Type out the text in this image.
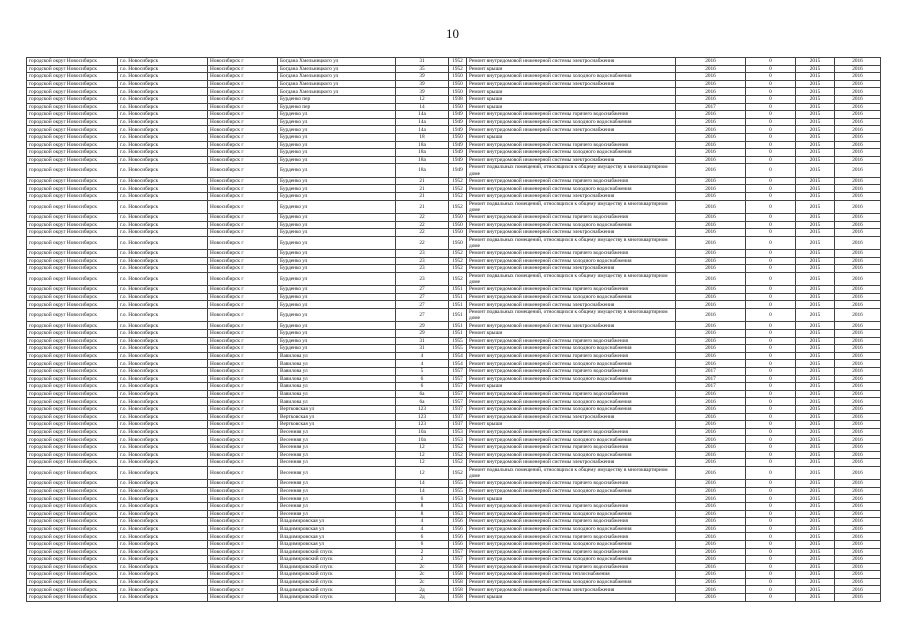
10
городской округ Новосибирск	г.о. Новосибирск	Новосибирск г	Богдана Хмельницкого ул	31	1952	Ремонт внутридомовой инженерной системы электроснабжения	2016	0	2015	2016
городской округ Новосибирск	г.о. Новосибирск	Новосибирск г	Богдана Хмельницкого ул	35	1952	Ремонт крыши	2016	0	2015	2016
городской округ Новосибирск	г.о. Новосибирск	Новосибирск г	Богдана Хмельницкого ул	39	1950	Ремонт внутридомовой инженерной системы холодного водоснабжения	2016	0	2015	2016
городской округ Новосибирск	г.о. Новосибирск	Новосибирск г	Богдана Хмельницкого ул	39	1950	Ремонт внутридомовой инженерной системы электроснабжения	2016	0	2015	2016
городской округ Новосибирск	г.о. Новосибирск	Новосибирск г	Богдана Хмельницкого ул	39	1950	Ремонт крыши	2016	0	2015	2016
городской округ Новосибирск	г.о. Новосибирск	Новосибирск г	Бурденко пер	12	1938	Ремонт крыши	2016	0	2015	2016
городской округ Новосибирск	г.о. Новосибирск	Новосибирск г	Бурденко пер	14	1950	Ремонт крыши	2017	0	2015	2016
городской округ Новосибирск	г.о. Новосибирск	Новосибирск г	Бурденко ул	14а	1949	Ремонт внутридомовой инженерной системы горячего водоснабжения	2016	0	2015	2016
городской округ Новосибирск	г.о. Новосибирск	Новосибирск г	Бурденко ул	14а	1949	Ремонт внутридомовой инженерной системы холодного водоснабжения	2016	0	2015	2016
городской округ Новосибирск	г.о. Новосибирск	Новосибирск г	Бурденко ул	14а	1949	Ремонт внутридомовой инженерной системы электроснабжения	2016	0	2015	2016
городской округ Новосибирск	г.о. Новосибирск	Новосибирск г	Бурденко ул	18	1950	Ремонт крыши	2016	0	2015	2016
городской округ Новосибирск	г.о. Новосибирск	Новосибирск г	Бурденко ул	18а	1949	Ремонт внутридомовой инженерной системы горячего водоснабжения	2016	0	2015	2016
городской округ Новосибирск	г.о. Новосибирск	Новосибирск г	Бурденко ул	18а	1949	Ремонт внутридомовой инженерной системы холодного водоснабжения	2016	0	2015	2016
городской округ Новосибирск	г.о. Новосибирск	Новосибирск г	Бурденко ул	18а	1949	Ремонт внутридомовой инженерной системы электроснабжения	2016	0	2015	2016
городской округ Новосибирск	г.о. Новосибирск	Новосибирск г	Бурденко ул	18а	1949	Ремонт подвальных помещений, относящихся к общему имуществу в многоквартирном доме	2016	0	2015	2016
городской округ Новосибирск	г.о. Новосибирск	Новосибирск г	Бурденко ул	21	1952	Ремонт внутридомовой инженерной системы горячего водоснабжения	2016	0	2015	2016
городской округ Новосибирск	г.о. Новосибирск	Новосибирск г	Бурденко ул	21	1952	Ремонт внутридомовой инженерной системы холодного водоснабжения	2016	0	2015	2016
городской округ Новосибирск	г.о. Новосибирск	Новосибирск г	Бурденко ул	21	1952	Ремонт внутридомовой инженерной системы электроснабжения	2016	0	2015	2016
городской округ Новосибирск	г.о. Новосибирск	Новосибирск г	Бурденко ул	21	1952	Ремонт подвальных помещений, относящихся к общему имуществу в многоквартирном доме	2016	0	2015	2016
городской округ Новосибирск	г.о. Новосибирск	Новосибирск г	Бурденко ул	22	1950	Ремонт внутридомовой инженерной системы горячего водоснабжения	2016	0	2015	2016
городской округ Новосибирск	г.о. Новосибирск	Новосибирск г	Бурденко ул	22	1950	Ремонт внутридомовой инженерной системы холодного водоснабжения	2016	0	2015	2016
городской округ Новосибирск	г.о. Новосибирск	Новосибирск г	Бурденко ул	22	1950	Ремонт внутридомовой инженерной системы электроснабжения	2016	0	2015	2016
городской округ Новосибирск	г.о. Новосибирск	Новосибирск г	Бурденко ул	22	1950	Ремонт подвальных помещений, относящихся к общему имуществу в многоквартирном доме	2016	0	2015	2016
городской округ Новосибирск	г.о. Новосибирск	Новосибирск г	Бурденко ул	23	1952	Ремонт внутридомовой инженерной системы горячего водоснабжения	2016	0	2015	2016
городской округ Новосибирск	г.о. Новосибирск	Новосибирск г	Бурденко ул	23	1952	Ремонт внутридомовой инженерной системы холодного водоснабжения	2016	0	2015	2016
городской округ Новосибирск	г.о. Новосибирск	Новосибирск г	Бурденко ул	23	1952	Ремонт внутридомовой инженерной системы электроснабжения	2016	0	2015	2016
городской округ Новосибирск	г.о. Новосибирск	Новосибирск г	Бурденко ул	23	1952	Ремонт подвальных помещений, относящихся к общему имуществу в многоквартирном доме	2016	0	2015	2016
городской округ Новосибирск	г.о. Новосибирск	Новосибирск г	Бурденко ул	27	1951	Ремонт внутридомовой инженерной системы горячего водоснабжения	2016	0	2015	2016
городской округ Новосибирск	г.о. Новосибирск	Новосибирск г	Бурденко ул	27	1951	Ремонт внутридомовой инженерной системы холодного водоснабжения	2016	0	2015	2016
городской округ Новосибирск	г.о. Новосибирск	Новосибирск г	Бурденко ул	27	1951	Ремонт внутридомовой инженерной системы электроснабжения	2016	0	2015	2016
городской округ Новосибирск	г.о. Новосибирск	Новосибирск г	Бурденко ул	27	1951	Ремонт подвальных помещений, относящихся к общему имуществу в многоквартирном доме	2016	0	2015	2016
городской округ Новосибирск	г.о. Новосибирск	Новосибирск г	Бурденко ул	29	1951	Ремонт внутридомовой инженерной системы электроснабжения	2016	0	2015	2016
городской округ Новосибирск	г.о. Новосибирск	Новосибирск г	Бурденко ул	29	1951	Ремонт крыши	2016	0	2015	2016
городской округ Новосибирск	г.о. Новосибирск	Новосибирск г	Бурденко ул	31	1955	Ремонт внутридомовой инженерной системы горячего водоснабжения	2016	0	2015	2016
городской округ Новосибирск	г.о. Новосибирск	Новосибирск г	Бурденко ул	31	1955	Ремонт внутридомовой инженерной системы холодного водоснабжения	2016	0	2015	2016
городской округ Новосибирск	г.о. Новосибирск	Новосибирск г	Вавилова ул	4	1954	Ремонт внутридомовой инженерной системы горячего водоснабжения	2016	0	2015	2016
городской округ Новосибирск	г.о. Новосибирск	Новосибирск г	Вавилова ул	4	1954	Ремонт внутридомовой инженерной системы холодного водоснабжения	2016	0	2015	2016
городской округ Новосибирск	г.о. Новосибирск	Новосибирск г	Вавилова ул	5	1957	Ремонт внутридомовой инженерной системы горячего водоснабжения	2017	0	2015	2016
городской округ Новосибирск	г.о. Новосибирск	Новосибирск г	Вавилова ул	6	1957	Ремонт внутридомовой инженерной системы холодного водоснабжения	2017	0	2015	2016
городской округ Новосибирск	г.о. Новосибирск	Новосибирск г	Вавилова ул	6	1957	Ремонт крыши	2017	0	2015	2016
городской округ Новосибирск	г.о. Новосибирск	Новосибирск г	Вавилова ул	6а	1957	Ремонт внутридомовой инженерной системы горячего водоснабжения	2016	0	2015	2016
городской округ Новосибирск	г.о. Новосибирск	Новосибирск г	Вавилова ул	6а	1957	Ремонт внутридомовой инженерной системы холодного водоснабжения	2016	0	2015	2016
городской округ Новосибирск	г.о. Новосибирск	Новосибирск г	Вертковская ул	123	1937	Ремонт внутридомовой инженерной системы холодного водоснабжения	2016	0	2015	2016
городской округ Новосибирск	г.о. Новосибирск	Новосибирск г	Вертковская ул	123	1937	Ремонт внутридомовой инженерной системы электроснабжения	2016	0	2015	2016
городской округ Новосибирск	г.о. Новосибирск	Новосибирск г	Вертковская ул	123	1937	Ремонт крыши	2016	0	2015	2016
городской округ Новосибирск	г.о. Новосибирск	Новосибирск г	Весенняя ул	10а	1953	Ремонт внутридомовой инженерной системы горячего водоснабжения	2016	0	2015	2016
городской округ Новосибирск	г.о. Новосибирск	Новосибирск г	Весенняя ул	10а	1953	Ремонт внутридомовой инженерной системы холодного водоснабжения	2016	0	2015	2016
городской округ Новосибирск	г.о. Новосибирск	Новосибирск г	Весенняя ул	12	1952	Ремонт внутридомовой инженерной системы горячего водоснабжения	2016	0	2015	2016
городской округ Новосибирск	г.о. Новосибирск	Новосибирск г	Весенняя ул	12	1952	Ремонт внутридомовой инженерной системы холодного водоснабжения	2016	0	2015	2016
городской округ Новосибирск	г.о. Новосибирск	Новосибирск г	Весенняя ул	12	1952	Ремонт внутридомовой инженерной системы электроснабжения	2016	0	2015	2016
городской округ Новосибирск	г.о. Новосибирск	Новосибирск г	Весенняя ул	12	1952	Ремонт подвальных помещений, относящихся к общему имуществу в многоквартирном доме	2016	0	2015	2016
городской округ Новосибирск	г.о. Новосибирск	Новосибирск г	Весенняя ул	14	1955	Ремонт внутридомовой инженерной системы горячего водоснабжения	2016	0	2015	2016
городской округ Новосибирск	г.о. Новосибирск	Новосибирск г	Весенняя ул	14	1955	Ремонт внутридомовой инженерной системы холодного водоснабжения	2016	0	2015	2016
городской округ Новосибирск	г.о. Новосибирск	Новосибирск г	Весенняя ул	6	1953	Ремонт крыши	2016	0	2015	2016
городской округ Новосибирск	г.о. Новосибирск	Новосибирск г	Весенняя ул	8	1953	Ремонт внутридомовой инженерной системы горячего водоснабжения	2016	0	2015	2016
городской округ Новосибирск	г.о. Новосибирск	Новосибирск г	Весенняя ул	8	1953	Ремонт внутридомовой инженерной системы холодного водоснабжения	2016	0	2015	2016
городской округ Новосибирск	г.о. Новосибирск	Новосибирск г	Владимировская ул	4	1956	Ремонт внутридомовой инженерной системы горячего водоснабжения	2016	0	2015	2016
городской округ Новосибирск	г.о. Новосибирск	Новосибирск г	Владимировская ул	4	1956	Ремонт внутридомовой инженерной системы холодного водоснабжения	2016	0	2015	2016
городской округ Новосибирск	г.о. Новосибирск	Новосибирск г	Владимировская ул	6	1956	Ремонт внутридомовой инженерной системы горячего водоснабжения	2016	0	2015	2016
городской округ Новосибирск	г.о. Новосибирск	Новосибирск г	Владимировская ул	6	1956	Ремонт внутридомовой инженерной системы холодного водоснабжения	2016	0	2015	2016
городской округ Новосибирск	г.о. Новосибирск	Новосибирск г	Владимировский спуск	2	1957	Ремонт внутридомовой инженерной системы горячего водоснабжения	2016	0	2015	2016
городской округ Новосибирск	г.о. Новосибирск	Новосибирск г	Владимировский спуск	2	1957	Ремонт внутридомовой инженерной системы холодного водоснабжения	2016	0	2015	2016
городской округ Новосибирск	г.о. Новосибирск	Новосибирск г	Владимировский спуск	2с	1958	Ремонт внутридомовой инженерной системы горячего водоснабжения	2016	0	2015	2016
городской округ Новосибирск	г.о. Новосибирск	Новосибирск г	Владимировский спуск	2с	1958	Ремонт внутридомовой инженерной системы теплоснабжения	2016	0	2015	2016
городской округ Новосибирск	г.о. Новосибирск	Новосибирск г	Владимировский спуск	2с	1958	Ремонт внутридомовой инженерной системы холодного водоснабжения	2016	0	2015	2016
городской округ Новосибирск	г.о. Новосибирск	Новосибирск г	Владимировский спуск	2д	1958	Ремонт внутридомовой инженерной системы электроснабжения	2016	0	2015	2016
городской округ Новосибирск	г.о. Новосибирск	Новосибирск г	Владимировский спуск	2д	1958	Ремонт крыши	2016	0	2015	2016
